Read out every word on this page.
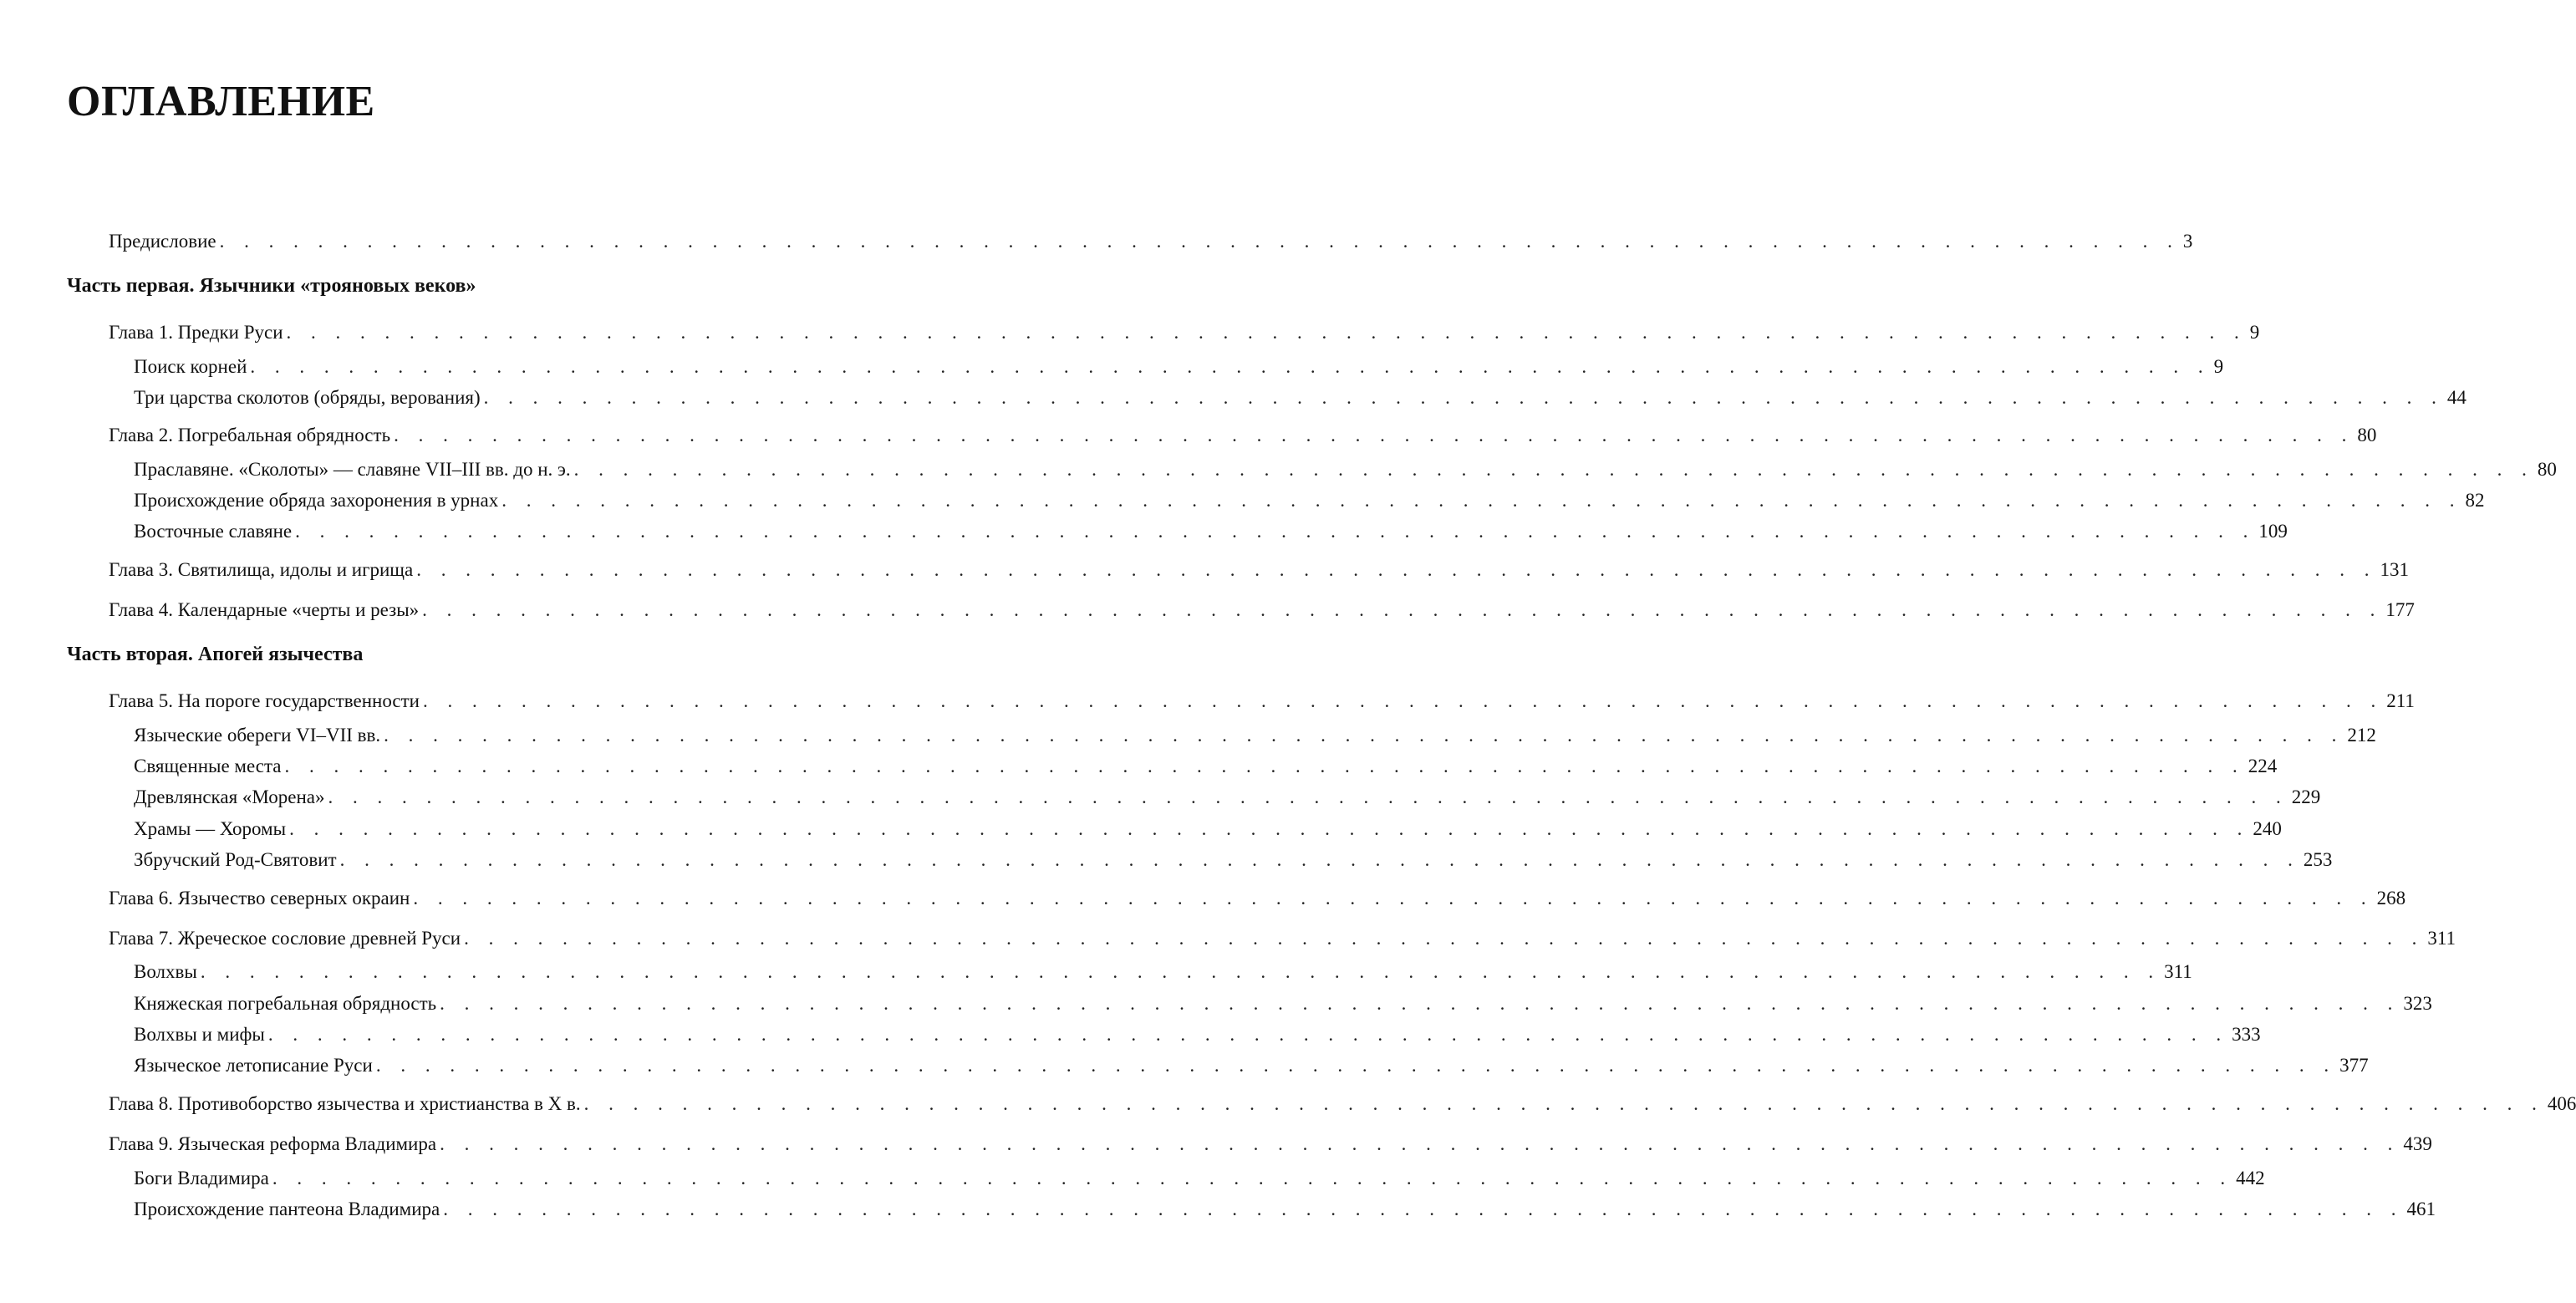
ОГЛАВЛЕНИЕ
Предисловие . . . . . . . . . . . . . . . . . . . . . . . . . . . . . . . . . . . . . . . . . . . . . . . . . . . . . . . . . . . . . . . . . . . . . . . . . . . . . . . . 3
Часть первая. Язычники «трояновых веков»
Глава 1. Предки Руси . . . . . . . . . . . . . . . . . . . . . . . . . . . . . . . . . . . . . . . . . . . . . . . . . . . . . . . . . . . . . . . . . . . . . . . . . . . . . . . . 9
Поиск корней . . . . . . . . . . . . . . . . . . . . . . . . . . . . . . . . . . . . . . . . . . . . . . . . . . . . . . . . . . . . . . . . . . . . . . . . . . . . . . . . 9
Три царства сколотов (обряды, верования) . . . . . . . . . . . . . . . . . . . . . . . . . . . . . . . . . . . . . . . . . . . . . . . . . . . . . . . . . . . . . . . . . . . . . . . . . . . . . . . . 44
Глава 2. Погребальная обрядность . . . . . . . . . . . . . . . . . . . . . . . . . . . . . . . . . . . . . . . . . . . . . . . . . . . . . . . . . . . . . . . . . . . . . . . . . . . . . . . . 80
Праславяне. «Сколоты» — славяне VII–III вв. до н. э. . . . . . . . . . . . . . . . . . . . . . . . . . . . . . . . . . . . . . . . . . . . . . . . . . . . . . . . . . . . . . . . . . . . . . . . . . . . . . . . . 80
Происхождение обряда захоронения в урнах . . . . . . . . . . . . . . . . . . . . . . . . . . . . . . . . . . . . . . . . . . . . . . . . . . . . . . . . . . . . . . . . . . . . . . . . . . . . . . . . 82
Восточные славяне . . . . . . . . . . . . . . . . . . . . . . . . . . . . . . . . . . . . . . . . . . . . . . . . . . . . . . . . . . . . . . . . . . . . . . . . . . . . . . . . 109
Глава 3. Святилища, идолы и игрища . . . . . . . . . . . . . . . . . . . . . . . . . . . . . . . . . . . . . . . . . . . . . . . . . . . . . . . . . . . . . . . . . . . . . . . . . . . . . . . . 131
Глава 4. Календарные «черты и резы» . . . . . . . . . . . . . . . . . . . . . . . . . . . . . . . . . . . . . . . . . . . . . . . . . . . . . . . . . . . . . . . . . . . . . . . . . . . . . . . . 177
Часть вторая. Апогей язычества
Глава 5. На пороге государственности . . . . . . . . . . . . . . . . . . . . . . . . . . . . . . . . . . . . . . . . . . . . . . . . . . . . . . . . . . . . . . . . . . . . . . . . . . . . . . . . 211
Языческие обереги VI–VII вв. . . . . . . . . . . . . . . . . . . . . . . . . . . . . . . . . . . . . . . . . . . . . . . . . . . . . . . . . . . . . . . . . . . . . . . . . . . . . . . . . 212
Священные места . . . . . . . . . . . . . . . . . . . . . . . . . . . . . . . . . . . . . . . . . . . . . . . . . . . . . . . . . . . . . . . . . . . . . . . . . . . . . . . . 224
Древлянская «Морена» . . . . . . . . . . . . . . . . . . . . . . . . . . . . . . . . . . . . . . . . . . . . . . . . . . . . . . . . . . . . . . . . . . . . . . . . . . . . . . . . 229
Храмы — Хоромы . . . . . . . . . . . . . . . . . . . . . . . . . . . . . . . . . . . . . . . . . . . . . . . . . . . . . . . . . . . . . . . . . . . . . . . . . . . . . . . . 240
Збручский Род-Святовит . . . . . . . . . . . . . . . . . . . . . . . . . . . . . . . . . . . . . . . . . . . . . . . . . . . . . . . . . . . . . . . . . . . . . . . . . . . . . . . . 253
Глава 6. Язычество северных окраин . . . . . . . . . . . . . . . . . . . . . . . . . . . . . . . . . . . . . . . . . . . . . . . . . . . . . . . . . . . . . . . . . . . . . . . . . . . . . . . . 268
Глава 7. Жреческое сословие древней Руси . . . . . . . . . . . . . . . . . . . . . . . . . . . . . . . . . . . . . . . . . . . . . . . . . . . . . . . . . . . . . . . . . . . . . . . . . . . . . . . . 311
Волхвы . . . . . . . . . . . . . . . . . . . . . . . . . . . . . . . . . . . . . . . . . . . . . . . . . . . . . . . . . . . . . . . . . . . . . . . . . . . . . . . . 311
Княжеская погребальная обрядность . . . . . . . . . . . . . . . . . . . . . . . . . . . . . . . . . . . . . . . . . . . . . . . . . . . . . . . . . . . . . . . . . . . . . . . . . . . . . . . . 323
Волхвы и мифы . . . . . . . . . . . . . . . . . . . . . . . . . . . . . . . . . . . . . . . . . . . . . . . . . . . . . . . . . . . . . . . . . . . . . . . . . . . . . . . . 333
Языческое летописание Руси . . . . . . . . . . . . . . . . . . . . . . . . . . . . . . . . . . . . . . . . . . . . . . . . . . . . . . . . . . . . . . . . . . . . . . . . . . . . . . . . 377
Глава 8. Противоборство язычества и христианства в X в. . . . . . . . . . . . . . . . . . . . . . . . . . . . . . . . . . . . . . . . . . . . . . . . . . . . . . . . . . . . . . . . . . . . . . . . . . . . . . . . . 406
Глава 9. Языческая реформа Владимира . . . . . . . . . . . . . . . . . . . . . . . . . . . . . . . . . . . . . . . . . . . . . . . . . . . . . . . . . . . . . . . . . . . . . . . . . . . . . . . . 439
Боги Владимира . . . . . . . . . . . . . . . . . . . . . . . . . . . . . . . . . . . . . . . . . . . . . . . . . . . . . . . . . . . . . . . . . . . . . . . . . . . . . . . . 442
Происхождение пантеона Владимира . . . . . . . . . . . . . . . . . . . . . . . . . . . . . . . . . . . . . . . . . . . . . . . . . . . . . . . . . . . . . . . . . . . . . . . . . . . . . . . . 461
